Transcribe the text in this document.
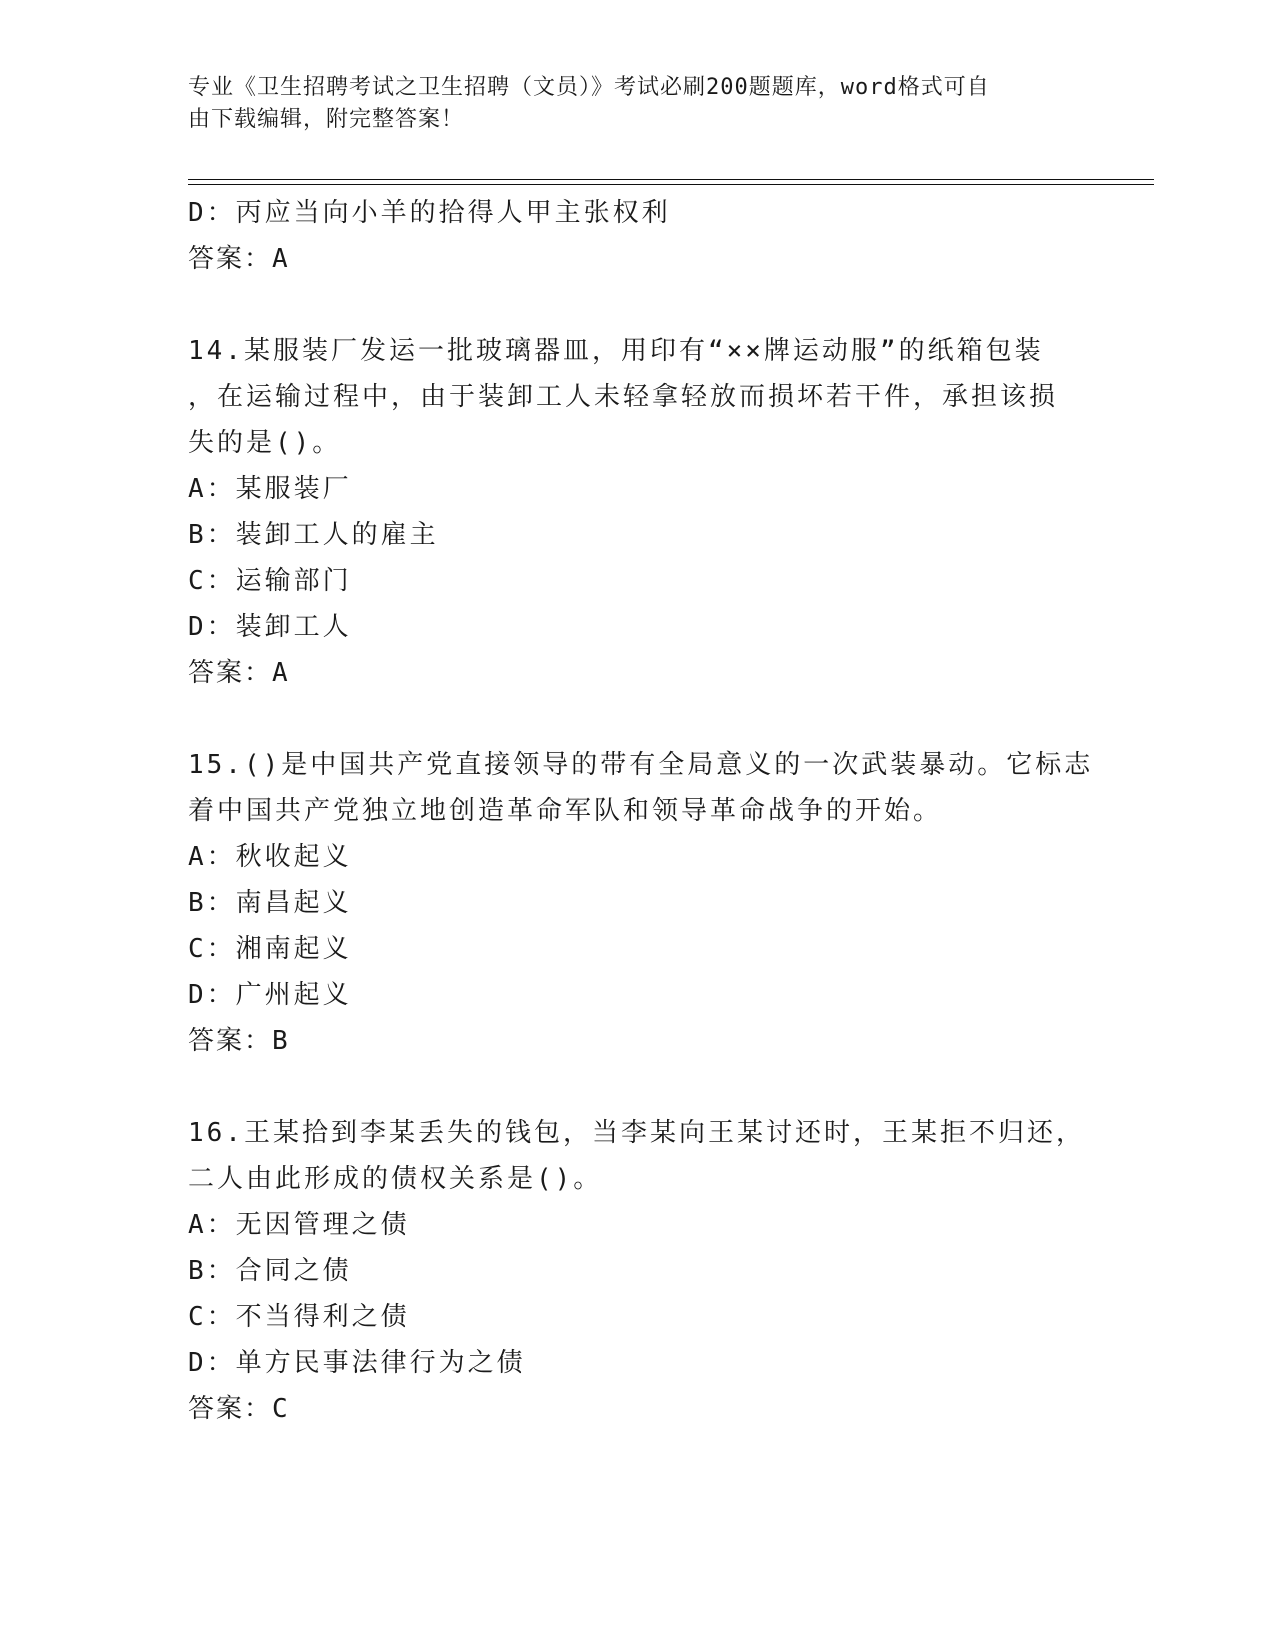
专业《卫生招聘考试之卫生招聘（文员）》考试必刷200题题库，word格式可自
由下载编辑，附完整答案！
D：丙应当向小羊的拾得人甲主张权利
答案：A
14.某服装厂发运一批玻璃器皿，用印有“××牌运动服”的纸箱包装
，在运输过程中，由于装卸工人未轻拿轻放而损坏若干件，承担该损
失的是()。
A：某服装厂
B：装卸工人的雇主
C：运输部门
D：装卸工人
答案：A
15.()是中国共产党直接领导的带有全局意义的一次武装暴动。它标志
着中国共产党独立地创造革命军队和领导革命战争的开始。
A：秋收起义
B：南昌起义
C：湘南起义
D：广州起义
答案：B
16.王某拾到李某丢失的钱包，当李某向王某讨还时，王某拒不归还，
二人由此形成的债权关系是()。
A：无因管理之债
B：合同之债
C：不当得利之债
D：单方民事法律行为之债
答案：C
